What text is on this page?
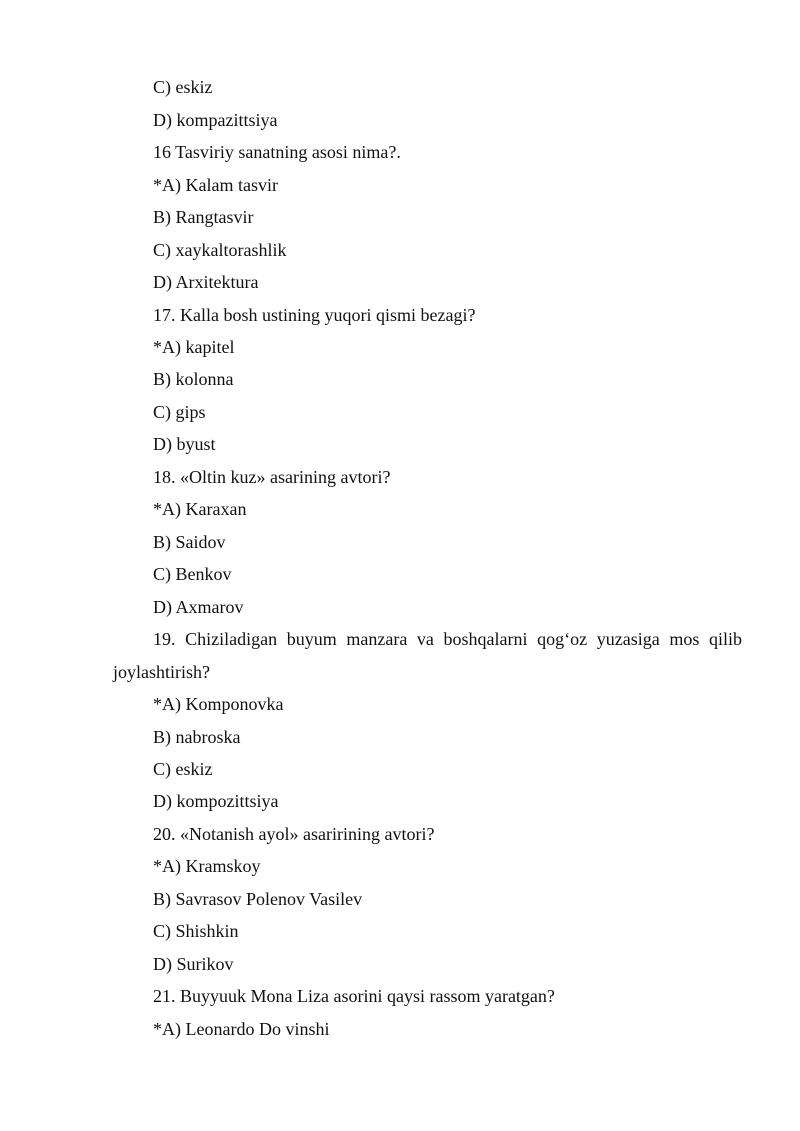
C) eskiz
D) kompazittsiya
16 Tasviriy sanatning asosi nima?.
*A) Kalam tasvir
B) Rangtasvir
C) xaykaltorashlik
D) Arxitektura
17. Kalla bosh ustining yuqori qismi bezagi?
*A) kapitel
B) kolonna
C) gips
D) byust
18. «Oltin kuz» asarining avtori?
*A) Karaxan
B) Saidov
C) Benkov
D) Axmarov
19. Chiziladigan buyum manzara va boshqalarni qog‘oz yuzasiga mos qilib
joylashtirish?
*A) Komponovka
B) nabroska
C) eskiz
D) kompozittsiya
20. «Notanish ayol» asaririning avtori?
*A) Kramskoy
B) Savrasov Polenov Vasilev
C) Shishkin
D) Surikov
21. Buyyuuk Mona Liza asorini qaysi rassom yaratgan?
*A) Leonardo Do vinshi
